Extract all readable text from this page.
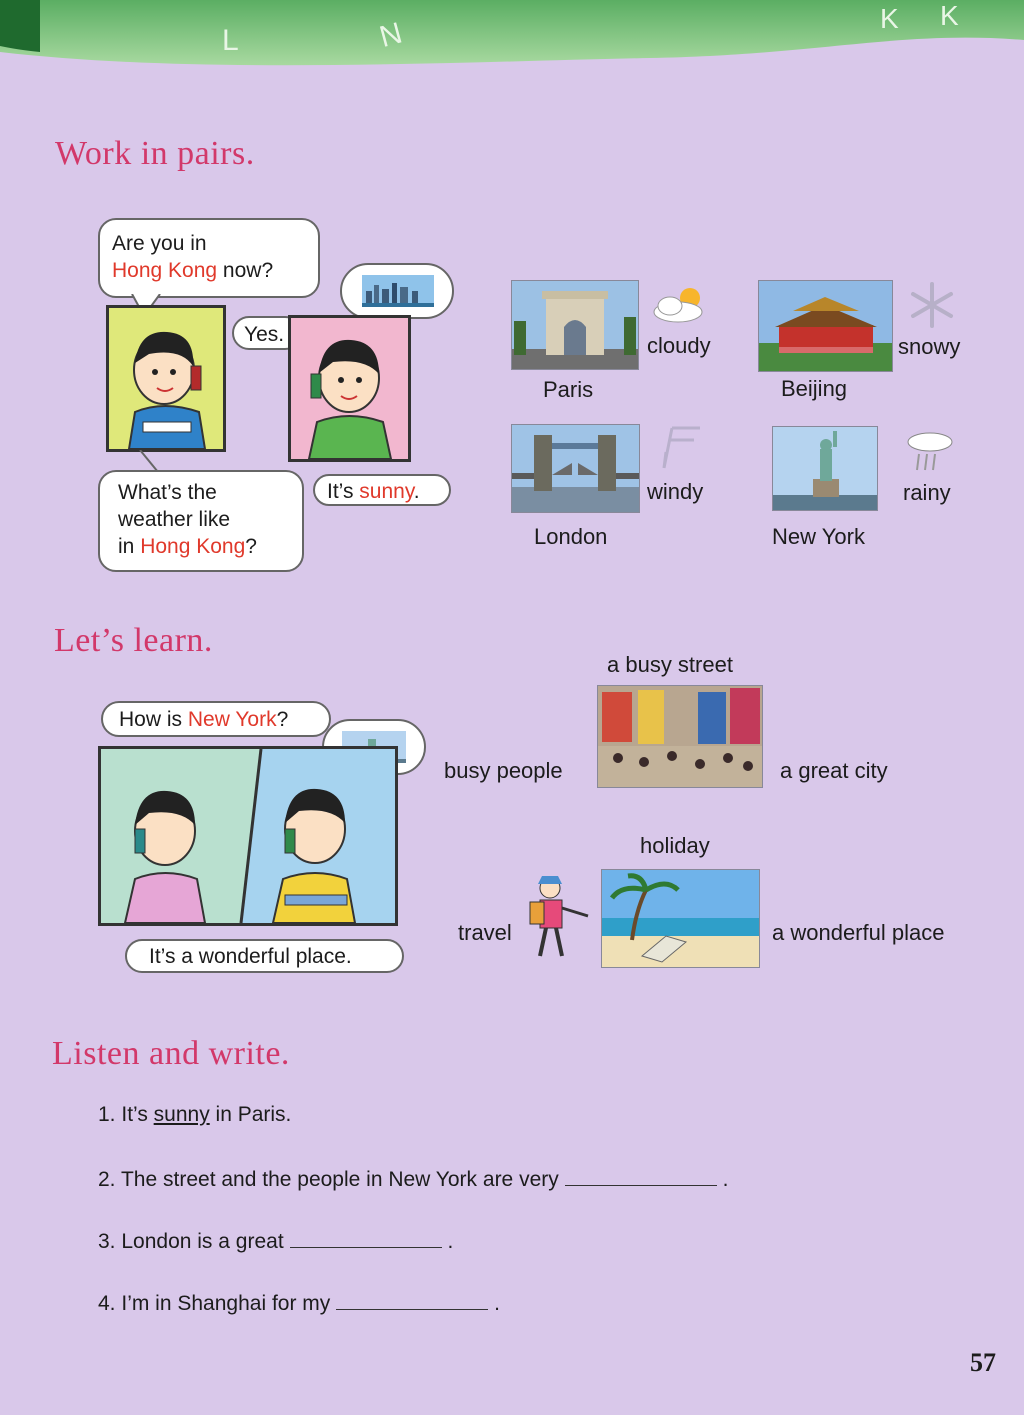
L	N	K K
Work in pairs.
Are you in
Hong Kong now?
Yes.
What’s the
weather like
in Hong Kong?
It’s sunny.
cloudy
Paris
snowy
Beijing
windy
London
rainy
New York
Let’s learn.
How is New York?
It’s a wonderful place.
a busy street
busy people	a great city
holiday
travel	a wonderful place
Listen and write.
1. It’s sunny in Paris.
2. The street and the people in New York are very	.
3. London is a great	.
4. I’m in Shanghai for my	.
57
